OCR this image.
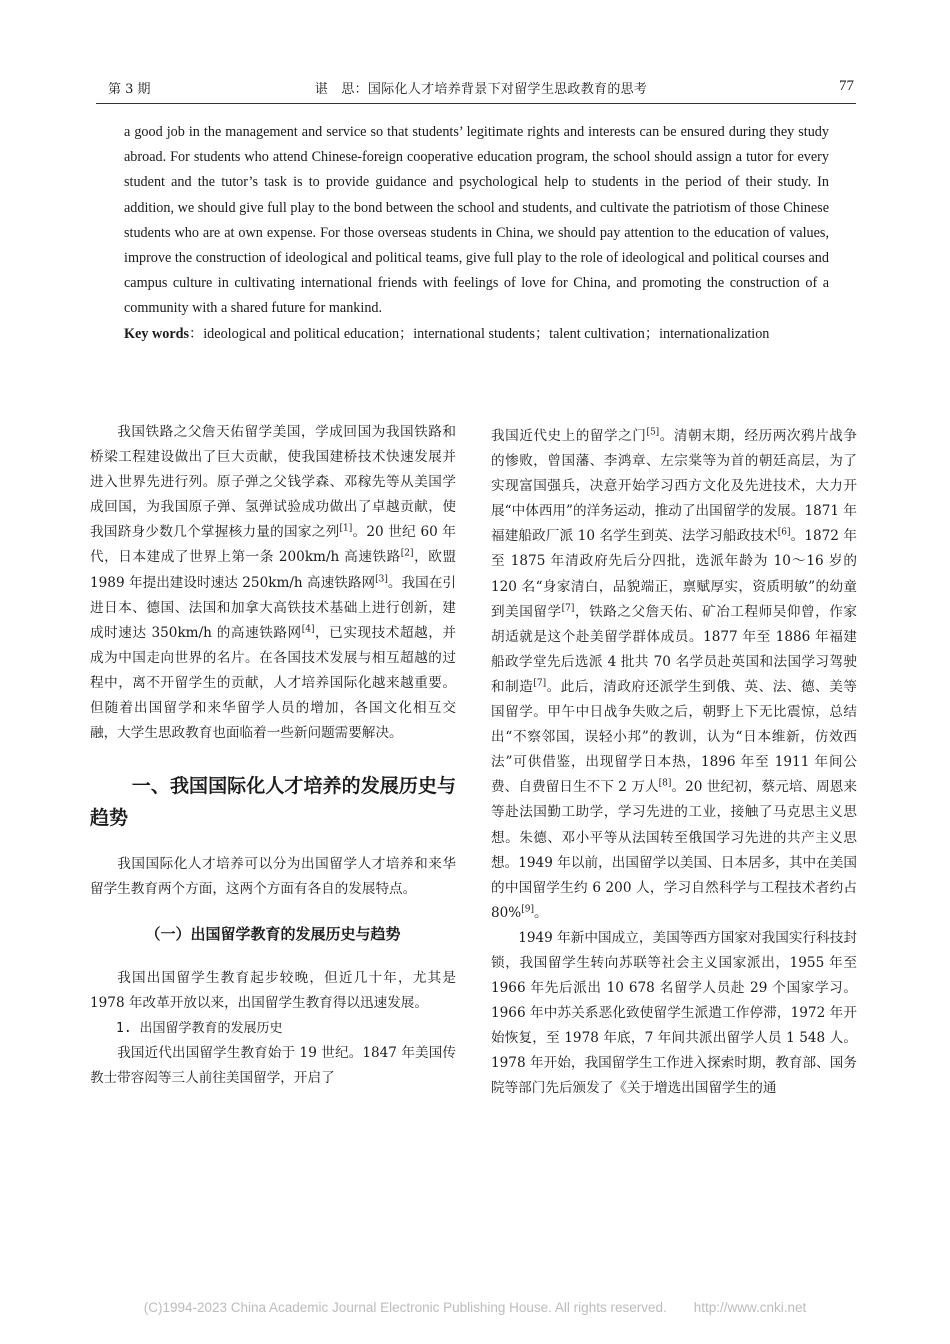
第 3 期	谌　思：国际化人才培养背景下对留学生思政教育的思考	77

a good job in the management and service so that students’ legitimate rights and interests can be ensured during they study abroad. For students who attend Chinese-foreign cooperative education program, the school should assign a tutor for every student and the tutor’s task is to provide guidance and psychological help to students in the period of their study. In addition, we should give full play to the bond between the school and students, and cultivate the patriotism of those Chinese students who are at own expense. For those overseas students in China, we should pay attention to the education of values, improve the construction of ideological and political teams, give full play to the role of ideological and political courses and campus culture in cultivating international friends with feelings of love for China, and promoting the construction of a community with a shared future for mankind.

Key words：ideological and political education；international students；talent cultivation；internationalization

我国铁路之父詹天佑留学美国，学成回国为我国铁路和桥梁工程建设做出了巨大贡献，使我国建桥技术快速发展并进入世界先进行列。原子弹之父钱学森、邓稼先等从美国学成回国，为我国原子弹、氢弹试验成功做出了卓越贡献，使我国跻身少数几个掌握核力量的国家之列[1]。20 世纪 60 年代，日本建成了世界上第一条 200km/h 高速铁路[2]，欧盟 1989 年提出建设时速达 250km/h 高速铁路网[3]。我国在引进日本、德国、法国和加拿大高铁技术基础上进行创新，建成时速达 350km/h 的高速铁路网[4]，已实现技术超越，并成为中国走向世界的名片。在各国技术发展与相互超越的过程中，离不开留学生的贡献，人才培养国际化越来越重要。但随着出国留学和来华留学人员的增加，各国文化相互交融，大学生思政教育也面临着一些新问题需要解决。

一、我国国际化人才培养的发展历史与趋势

我国国际化人才培养可以分为出国留学人才培养和来华留学生教育两个方面，这两个方面有各自的发展特点。

（一）出国留学教育的发展历史与趋势

我国出国留学生教育起步较晚，但近几十年，尤其是 1978 年改革开放以来，出国留学生教育得以迅速发展。

1. 出国留学教育的发展历史

我国近代出国留学生教育始于 19 世纪。1847 年美国传教士带容闳等三人前往美国留学，开启了

我国近代史上的留学之门[5]。清朝末期，经历两次鸦片战争的惨败，曾国藩、李鸿章、左宗棠等为首的朝廷高层，为了实现富国强兵，决意开始学习西方文化及先进技术，大力开展“中体西用”的洋务运动，推动了出国留学的发展。1871 年福建船政厂派 10 名学生到英、法学习船政技术[6]。1872 年至 1875 年清政府先后分四批，选派年龄为 10～16 岁的 120 名“身家清白，品貌端正，禀赋厚实，资质明敏”的幼童到美国留学[7]，铁路之父詹天佑、矿冶工程师吴仰曾，作家胡适就是这个赴美留学群体成员。1877 年至 1886 年福建船政学堂先后选派 4 批共 70 名学员赴英国和法国学习驾驶和制造[7]。此后，清政府还派学生到俄、英、法、德、美等国留学。甲午中日战争失败之后，朝野上下无比震惊，总结出“不察邻国，误轻小邦”的教训，认为“日本维新，仿效西法”可供借鉴，出现留学日本热，1896 年至 1911 年间公费、自费留日生不下 2 万人[8]。20 世纪初，蔡元培、周恩来等赴法国勤工助学，学习先进的工业，接触了马克思主义思想。朱德、邓小平等从法国转至俄国学习先进的共产主义思想。1949 年以前，出国留学以美国、日本居多，其中在美国的中国留学生约 6 200 人，学习自然科学与工程技术者约占 80%[9]。

1949 年新中国成立，美国等西方国家对我国实行科技封锁，我国留学生转向苏联等社会主义国家派出，1955 年至 1966 年先后派出 10 678 名留学人员赴 29 个国家学习。1966 年中苏关系恶化致使留学生派遣工作停滞，1972 年开始恢复，至 1978 年底，7 年间共派出留学人员 1 548 人。1978 年开始，我国留学生工作进入探索时期，教育部、国务院等部门先后颁发了《关于增选出国留学生的通

(C)1994-2023 China Academic Journal Electronic Publishing House. All rights reserved.　　http://www.cnki.net
